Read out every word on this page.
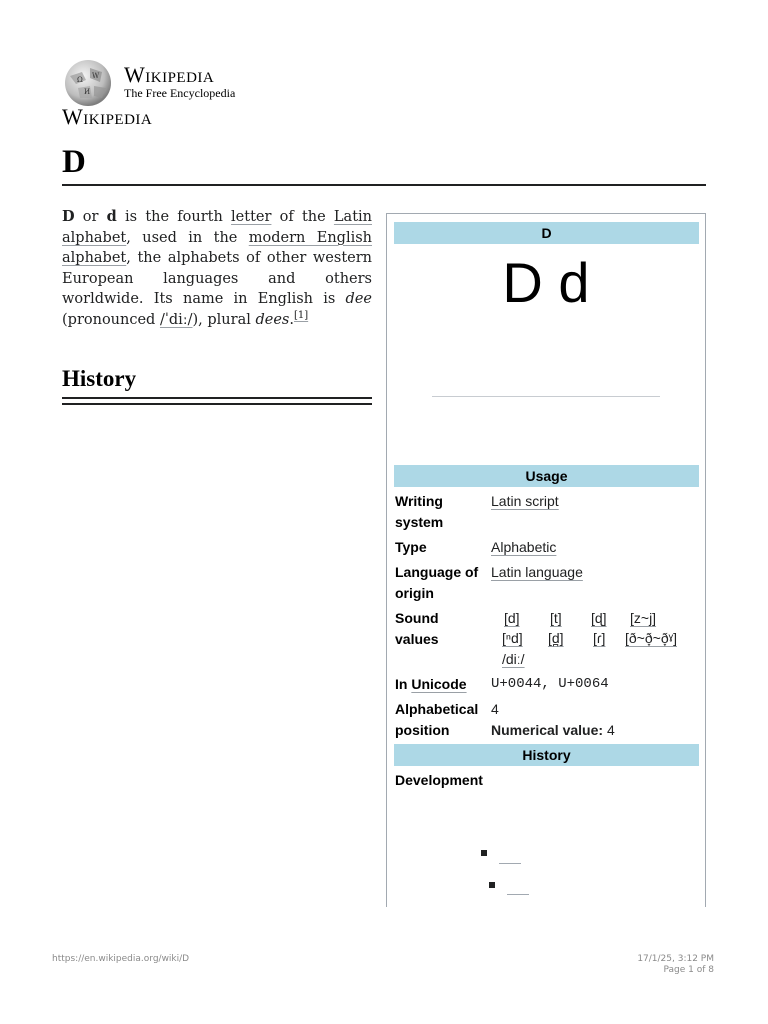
Ω W
И
Wikipedia
The Free Encyclopedia
Wikipedia
D

D or d is the fourth letter of the Latin alphabet, used in the modern English alphabet, the alphabets of other western European languages and others worldwide. Its name in English is dee (pronounced /ˈdiː/), plural dees.[1]

History
D
D d
Usage
Writing system
Latin script
Type	Alphabetic
Language of origin
Latin language
Sound values
[d] [t] [ɖ] [z~j]
[ⁿd] [d̪] [ɾ] [ð~ð̞~ð̞ˠ]
/diː/
In Unicode U+0044, U+0064
Alphabetical position
4
Numerical value: 4
History
Development
https://en.wikipedia.org/wiki/D	17/1/25, 3:12 PM
Page 1 of 8
